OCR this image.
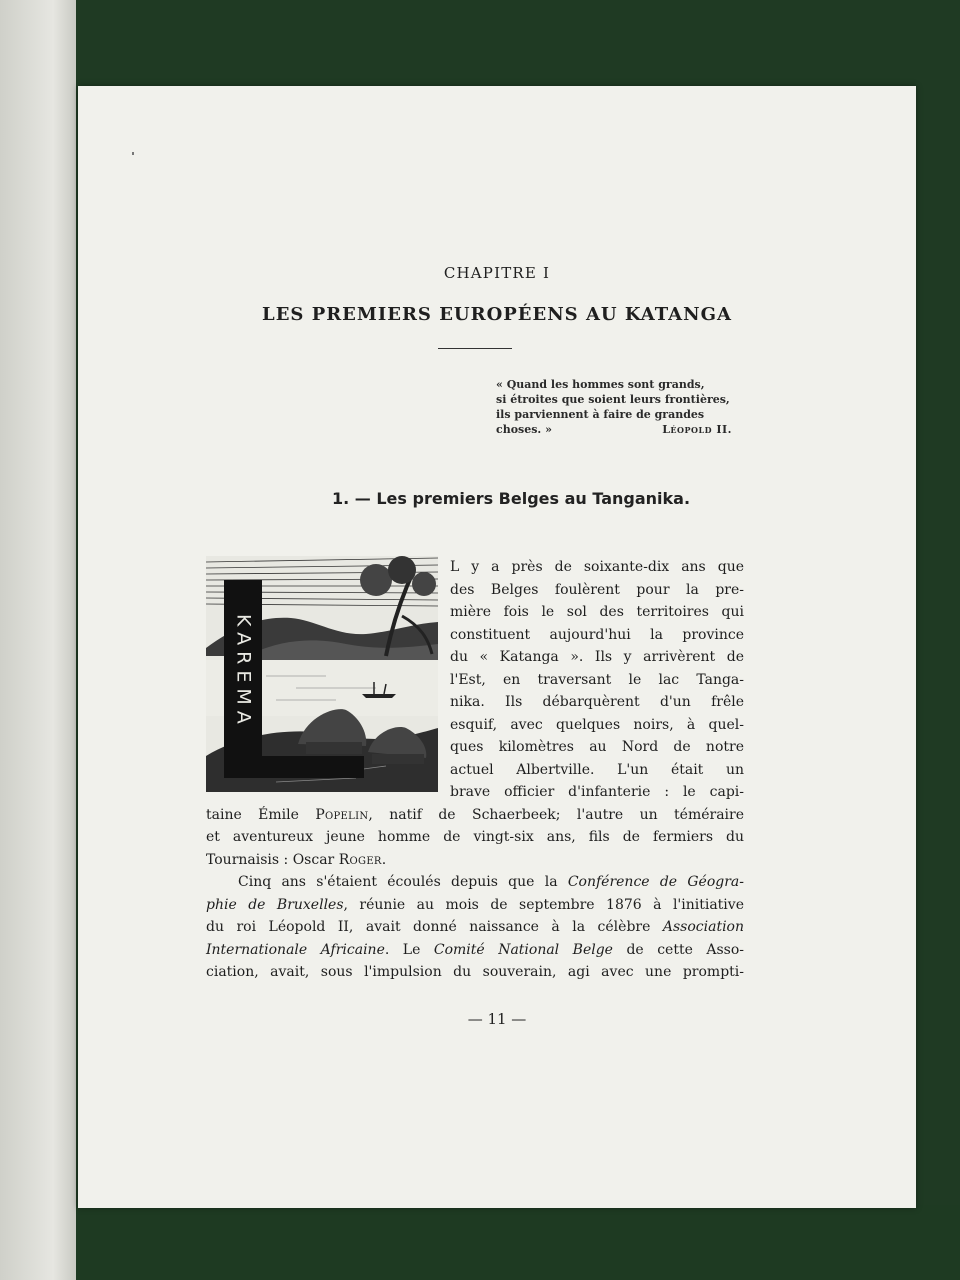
CHAPITRE I
LES PREMIERS EUROPÉENS AU KATANGA
« Quand les hommes sont grands,
si étroites que soient leurs frontières,
ils parviennent à faire de grandes
choses. »	Léopold II.
1. — Les premiers Belges au Tanganika.
KAREMA
L y a près de soixante-dix ans que
des Belges foulèrent pour la pre-
mière fois le sol des territoires qui
constituent aujourd'hui la province
du « Katanga ». Ils y arrivèrent de
l'Est, en traversant le lac Tanga-
nika. Ils débarquèrent d'un frêle
esquif, avec quelques noirs, à quel-
ques kilomètres au Nord de notre
actuel Albertville. L'un était un
brave officier d'infanterie : le capi-
taine Émile Popelin, natif de Schaerbeek; l'autre un téméraire
et aventureux jeune homme de vingt-six ans, fils de fermiers du
Tournaisis : Oscar Roger.
Cinq ans s'étaient écoulés depuis que la Conférence de Géogra-
phie de Bruxelles, réunie au mois de septembre 1876 à l'initiative
du roi Léopold II, avait donné naissance à la célèbre Association
Internationale Africaine. Le Comité National Belge de cette Asso-
ciation, avait, sous l'impulsion du souverain, agi avec une prompti-
— 11 —
